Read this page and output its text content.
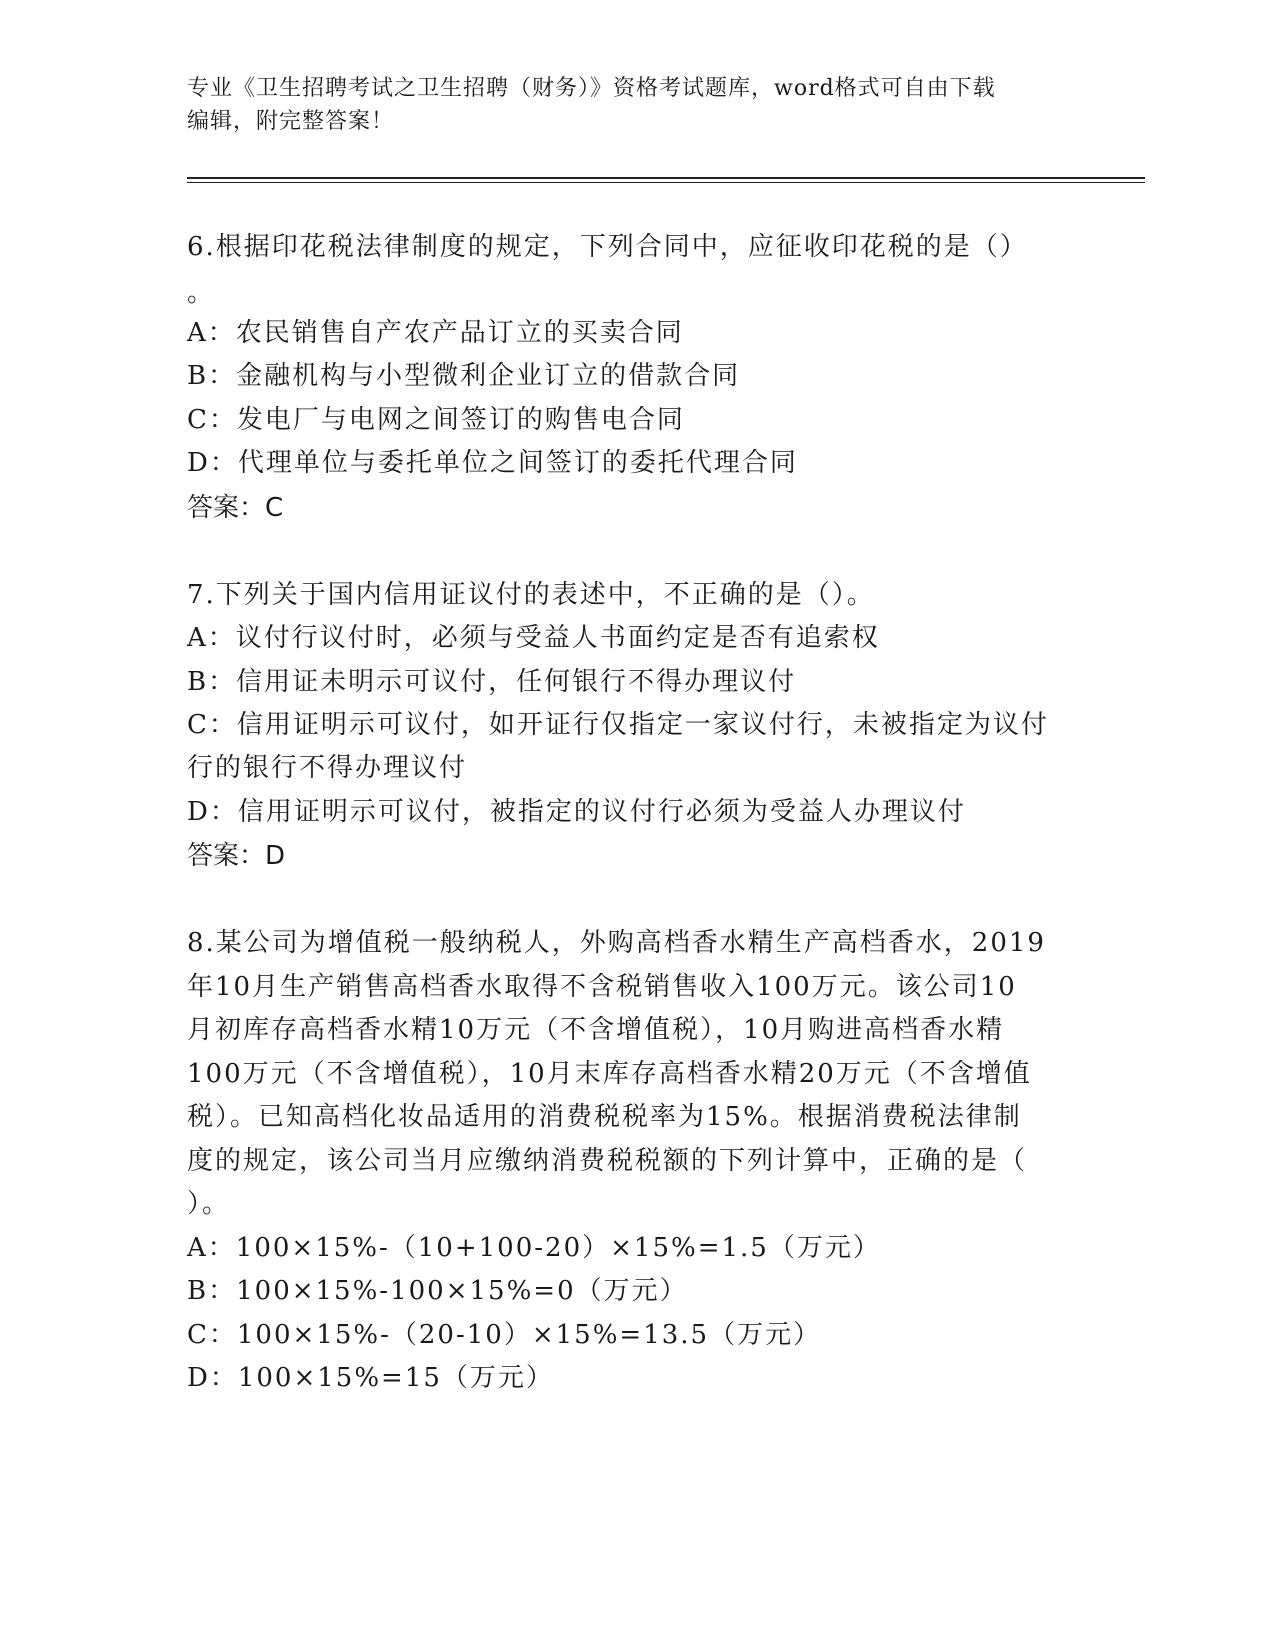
专业《卫生招聘考试之卫生招聘（财务）》资格考试题库，word格式可自由下载
编辑，附完整答案！
6.根据印花税法律制度的规定，下列合同中，应征收印花税的是（）
。
A：农民销售自产农产品订立的买卖合同
B：金融机构与小型微利企业订立的借款合同
C：发电厂与电网之间签订的购售电合同
D：代理单位与委托单位之间签订的委托代理合同
答案：C
7.下列关于国内信用证议付的表述中，不正确的是（）。
A：议付行议付时，必须与受益人书面约定是否有追索权
B：信用证未明示可议付，任何银行不得办理议付
C：信用证明示可议付，如开证行仅指定一家议付行，未被指定为议付
行的银行不得办理议付
D：信用证明示可议付，被指定的议付行必须为受益人办理议付
答案：D
8.某公司为增值税一般纳税人，外购高档香水精生产高档香水，2019
年10月生产销售高档香水取得不含税销售收入100万元。该公司10
月初库存高档香水精10万元（不含增值税），10月购进高档香水精
100万元（不含增值税），10月末库存高档香水精20万元（不含增值
税）。已知高档化妆品适用的消费税税率为15%。根据消费税法律制
度的规定，该公司当月应缴纳消费税税额的下列计算中，正确的是（
）。
A：100×15%-（10+100-20）×15%=1.5（万元）
B：100×15%-100×15%=0（万元）
C：100×15%-（20-10）×15%=13.5（万元）
D：100×15%=15（万元）
